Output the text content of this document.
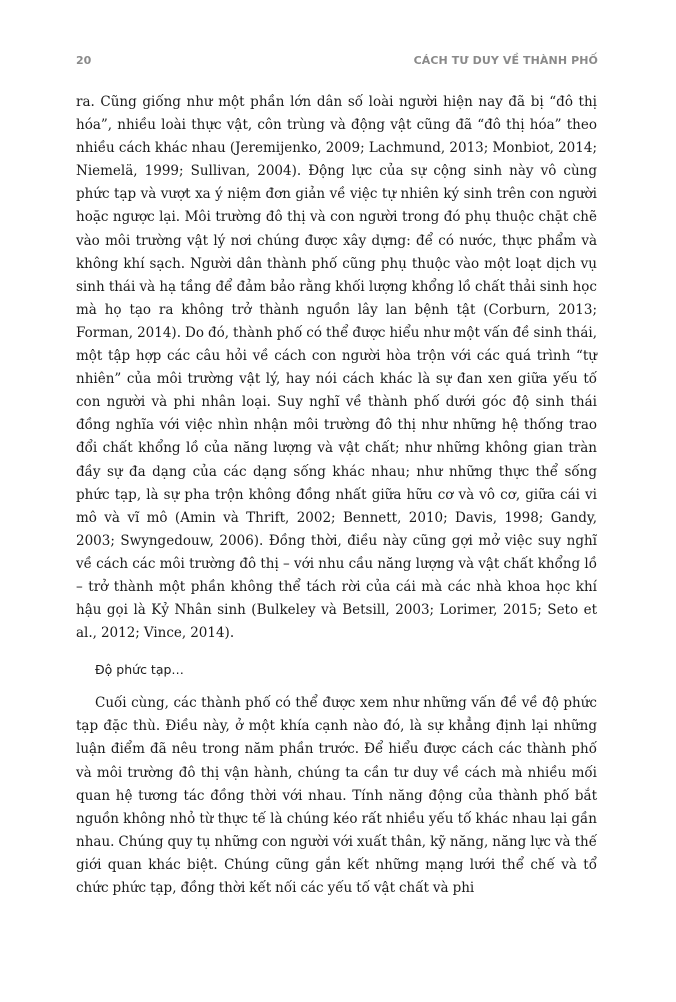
20	CÁCH TƯ DUY VỀ THÀNH PHỐ

ra. Cũng giống như một phần lớn dân số loài người hiện nay đã bị “đô thị hóa”, nhiều loài thực vật, côn trùng và động vật cũng đã “đô thị hóa” theo nhiều cách khác nhau (Jeremijenko, 2009; Lachmund, 2013; Monbiot, 2014; Niemelä, 1999; Sullivan, 2004). Động lực của sự cộng sinh này vô cùng phức tạp và vượt xa ý niệm đơn giản về việc tự nhiên ký sinh trên con người hoặc ngược lại. Môi trường đô thị và con người trong đó phụ thuộc chặt chẽ vào môi trường vật lý nơi chúng được xây dựng: để có nước, thực phẩm và không khí sạch. Người dân thành phố cũng phụ thuộc vào một loạt dịch vụ sinh thái và hạ tầng để đảm bảo rằng khối lượng khổng lồ chất thải sinh học mà họ tạo ra không trở thành nguồn lây lan bệnh tật (Corburn, 2013; Forman, 2014). Do đó, thành phố có thể được hiểu như một vấn đề sinh thái, một tập hợp các câu hỏi về cách con người hòa trộn với các quá trình “tự nhiên” của môi trường vật lý, hay nói cách khác là sự đan xen giữa yếu tố con người và phi nhân loại. Suy nghĩ về thành phố dưới góc độ sinh thái đồng nghĩa với việc nhìn nhận môi trường đô thị như những hệ thống trao đổi chất khổng lồ của năng lượng và vật chất; như những không gian tràn đầy sự đa dạng của các dạng sống khác nhau; như những thực thể sống phức tạp, là sự pha trộn không đồng nhất giữa hữu cơ và vô cơ, giữa cái vi mô và vĩ mô (Amin và Thrift, 2002; Bennett, 2010; Davis, 1998; Gandy, 2003; Swyngedouw, 2006). Đồng thời, điều này cũng gợi mở việc suy nghĩ về cách các môi trường đô thị – với nhu cầu năng lượng và vật chất khổng lồ – trở thành một phần không thể tách rời của cái mà các nhà khoa học khí hậu gọi là Kỷ Nhân sinh (Bulkeley và Betsill, 2003; Lorimer, 2015; Seto et al., 2012; Vince, 2014).

Độ phức tạp…

Cuối cùng, các thành phố có thể được xem như những vấn đề về độ phức tạp đặc thù. Điều này, ở một khía cạnh nào đó, là sự khẳng định lại những luận điểm đã nêu trong năm phần trước. Để hiểu được cách các thành phố và môi trường đô thị vận hành, chúng ta cần tư duy về cách mà nhiều mối quan hệ tương tác đồng thời với nhau. Tính năng động của thành phố bắt nguồn không nhỏ từ thực tế là chúng kéo rất nhiều yếu tố khác nhau lại gần nhau. Chúng quy tụ những con người với xuất thân, kỹ năng, năng lực và thế giới quan khác biệt. Chúng cũng gắn kết những mạng lưới thể chế và tổ chức phức tạp, đồng thời kết nối các yếu tố vật chất và phi
